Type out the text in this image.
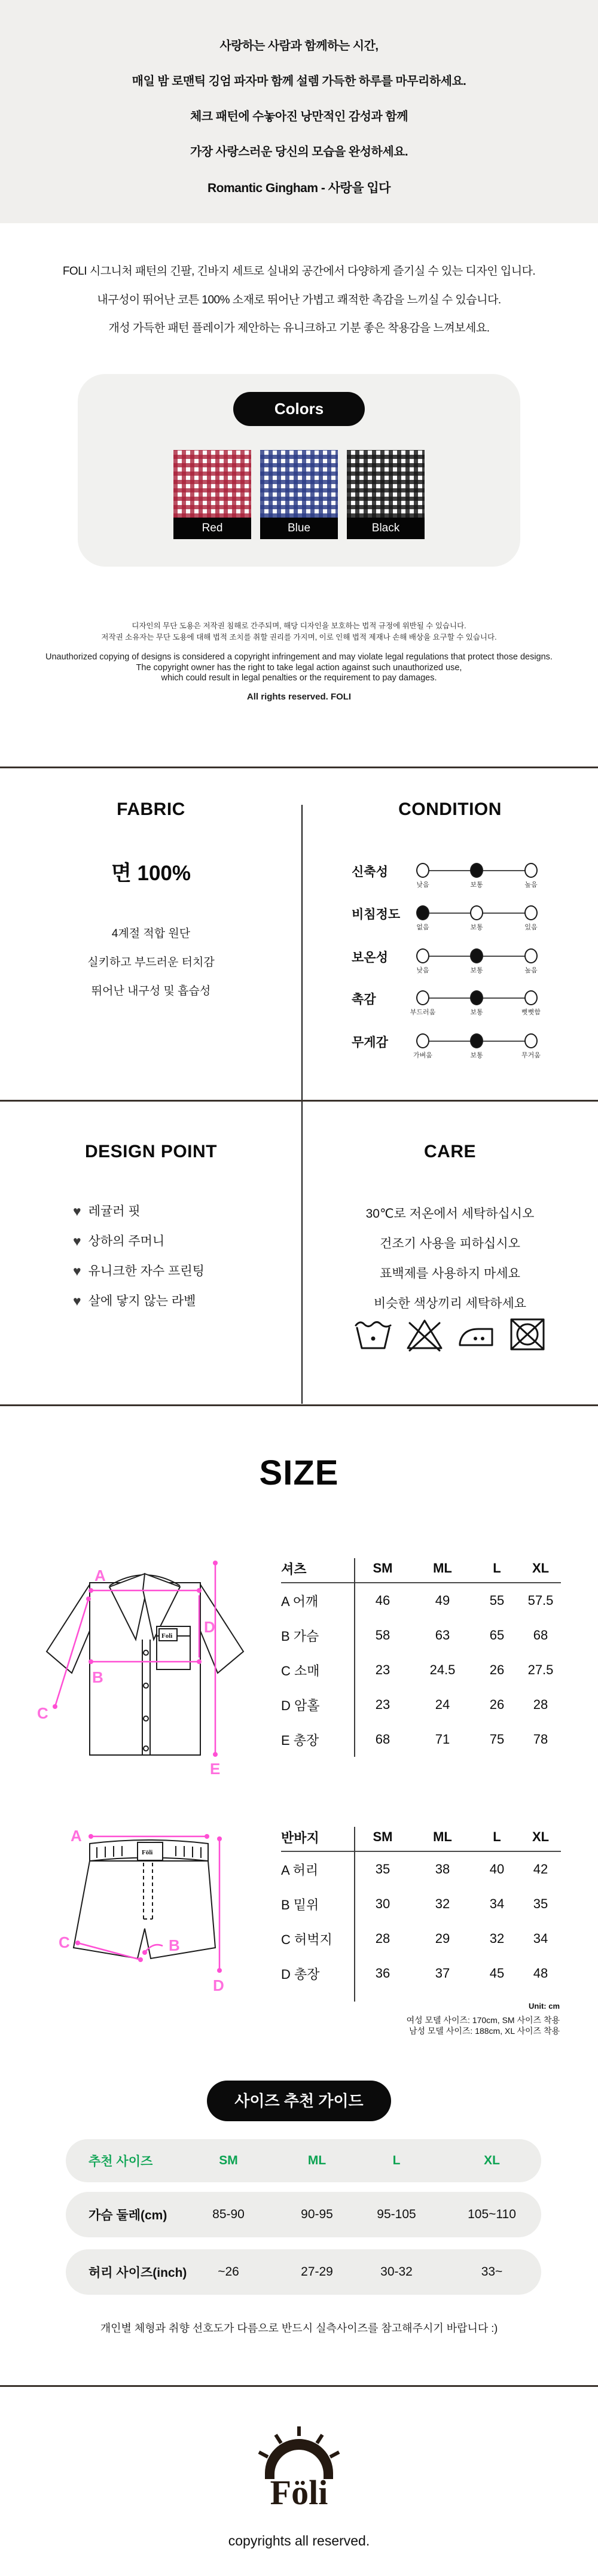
사랑하는 사람과 함께하는 시간,

매일 밤 로맨틱 깅엄 파자마 함께 설렘 가득한 하루를 마무리하세요.

체크 패턴에 수놓아진 낭만적인 감성과 함께

가장 사랑스러운 당신의 모습을 완성하세요.

Romantic Gingham - 사랑을 입다

FOLI 시그니처 패턴의 긴팔, 긴바지 세트로 실내외 공간에서 다양하게 즐기실 수 있는 디자인 입니다.

내구성이 뛰어난 코튼 100% 소재로 뛰어난 가볍고 쾌적한 촉감을 느끼실 수 있습니다.

개성 가득한 패턴 플레이가 제안하는 유니크하고 기분 좋은 착용감을 느껴보세요.

Colors
Red	Blue	Black

디자인의 무단 도용은 저작권 침해로 간주되며, 해당 디자인을 보호하는 법적 규정에 위반될 수 있습니다.

저작권 소유자는 무단 도용에 대해 법적 조치를 취할 권리를 가지며, 이로 인해 법적 제재나 손해 배상을 요구할 수 있습니다.

Unauthorized copying of designs is considered a copyright infringement and may violate legal regulations that protect those designs.

The copyright owner has the right to take legal action against such unauthorized use,

which could result in legal penalties or the requirement to pay damages.

All rights reserved. FOLI

FABRIC

면 100%

4계절 적합 원단

실키하고 부드러운 터치감

뛰어난 내구성 및 흡습성

CONDITION
신축성
낮음	보통	높음
비침정도
없음	보통	있음
보온성
낮음	보통	높음
촉감
부드러움	보통	뻣뻣함
무게감
가벼움	보통	무거움
DESIGN POINT

♥ 레귤러 핏

♥ 상하의 주머니

♥ 유니크한 자수 프린팅

♥ 살에 닿지 않는 라벨

CARE

30℃로 저온에서 세탁하십시오

건조기 사용을 피하십시오

표백제를 사용하지 마세요

비슷한 색상끼리 세탁하세요

SIZE
Foli
A
B
C
D
E
셔츠	SM	ML	L	XL
A 어깨	46	49	55	57.5
B 가슴	58	63	65	68
C 소매	23	24.5	26	27.5
D 암홀	23	24	26	28
E 총장	68	71	75	78
Föli
A
B
C
D
반바지	SM	ML	L	XL
A 허리	35	38	40	42
B 밑위	30	32	34	35
C 허벅지	28	29	32	34
D 총장	36	37	45	48

Unit: cm

여성 모델 사이즈: 170cm, SM 사이즈 착용

남성 모델 사이즈: 188cm, XL 사이즈 착용

사이즈 추천 가이드
추천 사이즈	SM	ML	L	XL
가슴 둘레(cm)	85-90	90-95	95-105	105~110
허리 사이즈(inch)	~26	27-29	30-32	33~

개인별 체형과 취향 선호도가 다름으로 반드시 실측사이즈를 참고해주시기 바랍니다 :)

Föli

copyrights all reserved.
